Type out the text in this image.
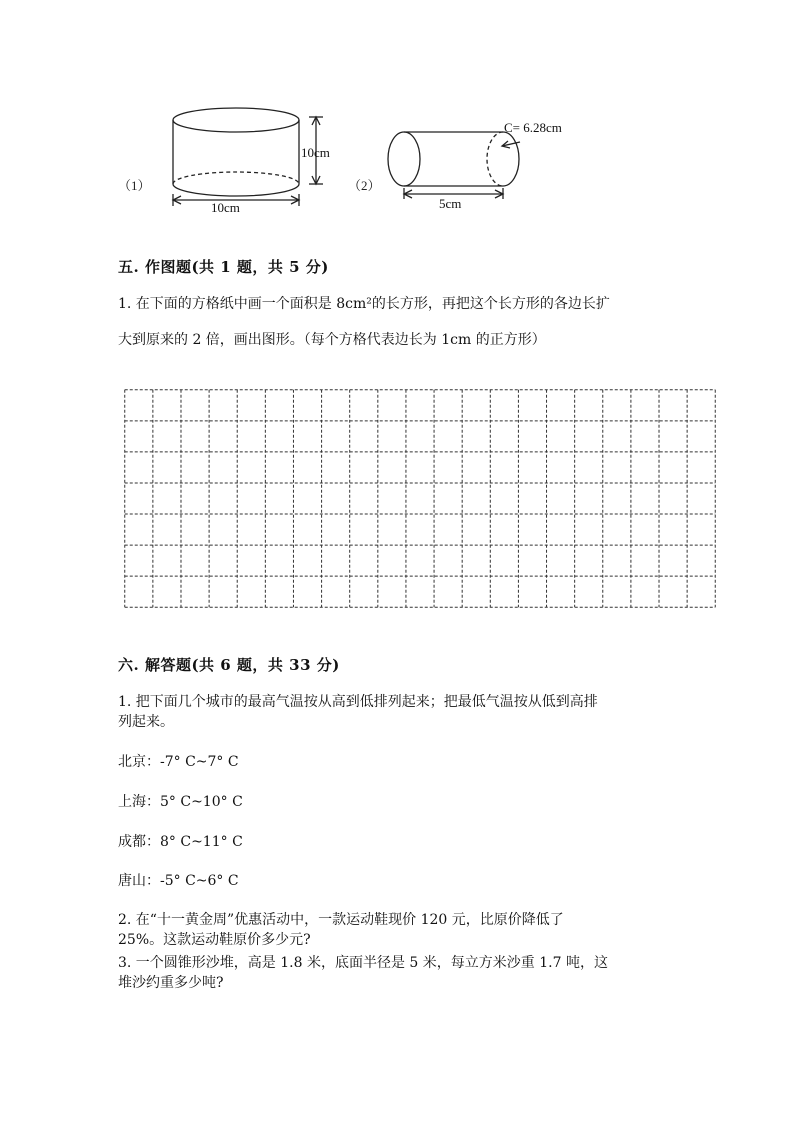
（1）
10cm
10cm
（2）
C= 6.28cm
5cm
五. 作图题(共 1 题，共 5 分)
1. 在下面的方格纸中画一个面积是 8cm²的长方形，再把这个长方形的各边长扩
大到原来的 2 倍，画出图形。（每个方格代表边长为 1cm 的正方形）
六. 解答题(共 6 题，共 33 分)
1. 把下面几个城市的最高气温按从高到低排列起来；把最低气温按从低到高排
列起来。
北京：-7° C~7° C
上海：5° C~10° C
成都：8° C~11° C
唐山：-5° C~6° C
2. 在“十一黄金周”优惠活动中，一款运动鞋现价 120 元，比原价降低了
25%。这款运动鞋原价多少元?
3. 一个圆锥形沙堆，高是 1.8 米，底面半径是 5 米，每立方米沙重 1.7 吨，这
堆沙约重多少吨?
